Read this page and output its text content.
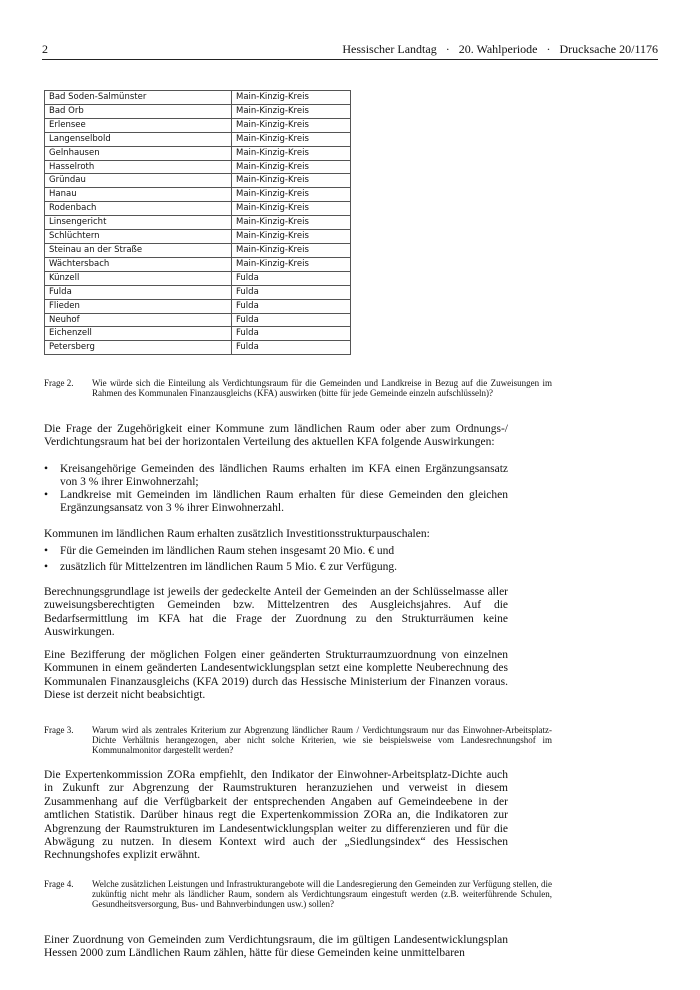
2	Hessischer Landtag   ·   20. Wahlperiode   ·   Drucksache 20/1176
Bad Soden-Salmünster	Main-Kinzig-Kreis
Bad Orb	Main-Kinzig-Kreis
Erlensee	Main-Kinzig-Kreis
Langenselbold	Main-Kinzig-Kreis
Gelnhausen	Main-Kinzig-Kreis
Hasselroth	Main-Kinzig-Kreis
Gründau	Main-Kinzig-Kreis
Hanau	Main-Kinzig-Kreis
Rodenbach	Main-Kinzig-Kreis
Linsengericht	Main-Kinzig-Kreis
Schlüchtern	Main-Kinzig-Kreis
Steinau an der Straße	Main-Kinzig-Kreis
Wächtersbach	Main-Kinzig-Kreis
Künzell	Fulda
Fulda	Fulda
Flieden	Fulda
Neuhof	Fulda
Eichenzell	Fulda
Petersberg	Fulda
Frage 2.	Wie würde sich die Einteilung als Verdichtungsraum für die Gemeinden und Landkreise in Bezug auf die Zuweisungen im Rahmen des Kommunalen Finanzausgleichs (KFA) auswirken (bitte für jede Gemeinde einzeln aufschlüsseln)?

Die Frage der Zugehörigkeit einer Kommune zum ländlichen Raum oder aber zum Ordnungs-/ Verdichtungsraum hat bei der horizontalen Verteilung des aktuellen KFA folgende Auswirkungen:

•	Kreisangehörige Gemeinden des ländlichen Raums erhalten im KFA einen Ergänzungsansatz von 3 % ihrer Einwohnerzahl;
•	Landkreise mit Gemeinden im ländlichen Raum erhalten für diese Gemeinden den gleichen Ergänzungsansatz von 3 % ihrer Einwohnerzahl.

Kommunen im ländlichen Raum erhalten zusätzlich Investitionsstrukturpauschalen:

•	Für die Gemeinden im ländlichen Raum stehen insgesamt 20 Mio. € und
•	zusätzlich für Mittelzentren im ländlichen Raum 5 Mio. € zur Verfügung.

Berechnungsgrundlage ist jeweils der gedeckelte Anteil der Gemeinden an der Schlüsselmasse aller zuweisungsberechtigten Gemeinden bzw. Mittelzentren des Ausgleichsjahres. Auf die Bedarfsermittlung im KFA hat die Frage der Zuordnung zu den Strukturräumen keine Auswirkungen.

Eine Bezifferung der möglichen Folgen einer geänderten Strukturraumzuordnung von einzelnen Kommunen in einem geänderten Landesentwicklungsplan setzt eine komplette Neuberechnung des Kommunalen Finanzausgleichs (KFA 2019) durch das Hessische Ministerium der Finanzen voraus. Diese ist derzeit nicht beabsichtigt.

Frage 3.	Warum wird als zentrales Kriterium zur Abgrenzung ländlicher Raum / Verdichtungsraum nur das Einwohner-Arbeitsplatz-Dichte Verhältnis herangezogen, aber nicht solche Kriterien, wie sie beispielsweise vom Landesrechnungshof im Kommunalmonitor dargestellt werden?

Die Expertenkommission ZORa empfiehlt, den Indikator der Einwohner-Arbeitsplatz-Dichte auch in Zukunft zur Abgrenzung der Raumstrukturen heranzuziehen und verweist in diesem Zusammenhang auf die Verfügbarkeit der entsprechenden Angaben auf Gemeindeebene in der amtlichen Statistik. Darüber hinaus regt die Expertenkommission ZORa an, die Indikatoren zur Abgrenzung der Raumstrukturen im Landesentwicklungsplan weiter zu differenzieren und für die Abwägung zu nutzen. In diesem Kontext wird auch der „Siedlungsindex“ des Hessischen Rechnungshofes explizit erwähnt.

Frage 4.	Welche zusätzlichen Leistungen und Infrastrukturangebote will die Landesregierung den Gemeinden zur Verfügung stellen, die zukünftig nicht mehr als ländlicher Raum, sondern als Verdichtungsraum eingestuft werden (z.B. weiterführende Schulen, Gesundheitsversorgung, Bus- und Bahnverbindungen usw.) sollen?

Einer Zuordnung von Gemeinden zum Verdichtungsraum, die im gültigen Landesentwicklungsplan Hessen 2000 zum Ländlichen Raum zählen, hätte für diese Gemeinden keine unmittelbaren
